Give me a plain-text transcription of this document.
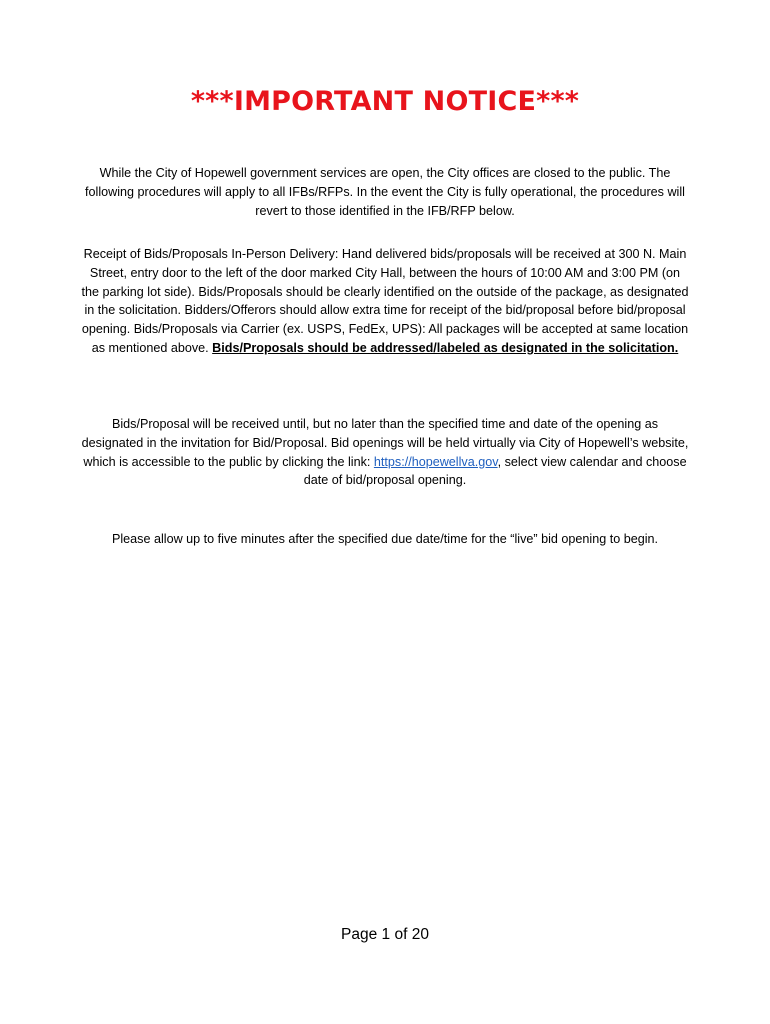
***IMPORTANT NOTICE***
While the City of Hopewell government services are open, the City offices are closed to the public. The following procedures will apply to all IFBs/RFPs. In the event the City is fully operational, the procedures will revert to those identified in the IFB/RFP below.
Receipt of Bids/Proposals In-Person Delivery: Hand delivered bids/proposals will be received at 300 N. Main Street, entry door to the left of the door marked City Hall, between the hours of 10:00 AM and 3:00 PM (on the parking lot side). Bids/Proposals should be clearly identified on the outside of the package, as designated in the solicitation. Bidders/Offerors should allow extra time for receipt of the bid/proposal before bid/proposal opening. Bids/Proposals via Carrier (ex. USPS, FedEx, UPS): All packages will be accepted at same location as mentioned above. Bids/Proposals should be addressed/labeled as designated in the solicitation.
Bids/Proposal will be received until, but no later than the specified time and date of the opening as designated in the invitation for Bid/Proposal. Bid openings will be held virtually via City of Hopewell’s website, which is accessible to the public by clicking the link: https://hopewellva.gov, select view calendar and choose date of bid/proposal opening.
Please allow up to five minutes after the specified due date/time for the “live” bid opening to begin.
Page 1 of 20
